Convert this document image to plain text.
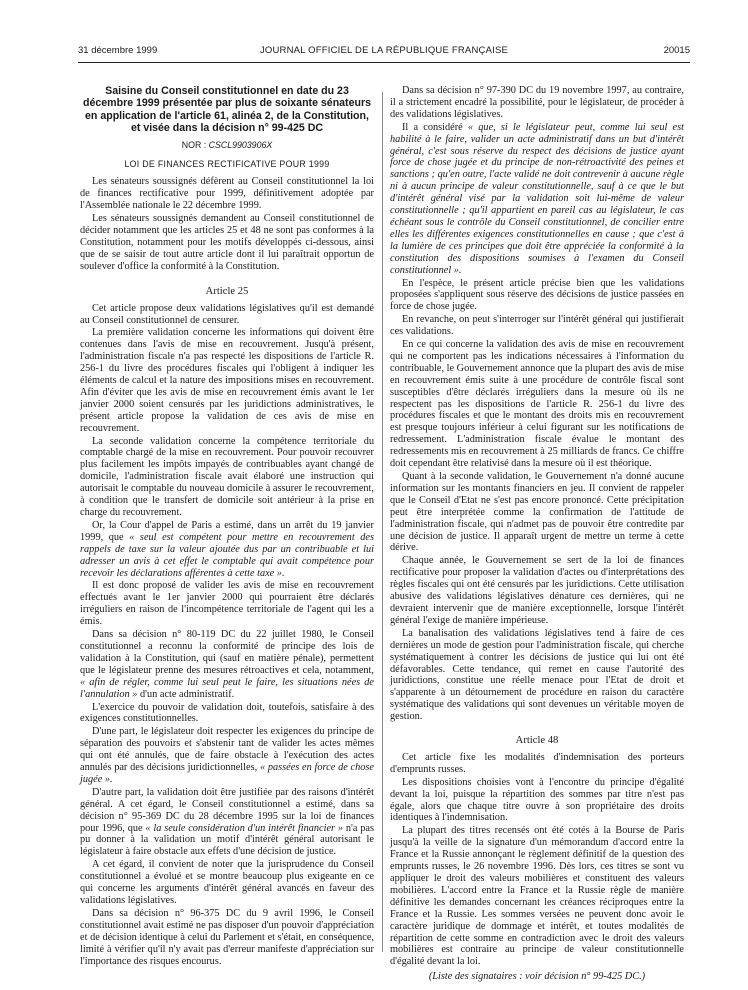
31 décembre 1999	JOURNAL OFFICIEL DE LA RÉPUBLIQUE FRANÇAISE	20015

Saisine du Conseil constitutionnel en date du 23 décembre 1999 présentée par plus de soixante sénateurs en application de l'article 61, alinéa 2, de la Constitution, et visée dans la décision n° 99-425 DC

NOR : CSCL9903906X

LOI DE FINANCES RECTIFICATIVE POUR 1999

Les sénateurs soussignés défèrent au Conseil constitutionnel la loi de finances rectificative pour 1999, définitivement adoptée par l'Assemblée nationale le 22 décembre 1999.

Les sénateurs soussignés demandent au Conseil constitutionnel de décider notamment que les articles 25 et 48 ne sont pas conformes à la Constitution, notamment pour les motifs développés ci-dessous, ainsi que de se saisir de tout autre article dont il lui paraîtrait opportun de soulever d'office la conformité à la Constitution.

Article 25

Cet article propose deux validations législatives qu'il est demandé au Conseil constitutionnel de censurer.

La première validation concerne les informations qui doivent être contenues dans l'avis de mise en recouvrement. Jusqu'à présent, l'administration fiscale n'a pas respecté les dispositions de l'article R. 256-1 du livre des procédures fiscales qui l'obligent à indiquer les éléments de calcul et la nature des impositions mises en recouvrement. Afin d'éviter que les avis de mise en recouvrement émis avant le 1er janvier 2000 soient censurés par les juridictions administratives, le présent article propose la validation de ces avis de mise en recouvrement.

La seconde validation concerne la compétence territoriale du comptable chargé de la mise en recouvrement. Pour pouvoir recouvrer plus facilement les impôts impayés de contribuables ayant changé de domicile, l'administration fiscale avait élaboré une instruction qui autorisait le comptable du nouveau domicile à assurer le recouvrement, à condition que le transfert de domicile soit antérieur à la prise en charge du recouvrement.

Or, la Cour d'appel de Paris a estimé, dans un arrêt du 19 janvier 1999, que « seul est compétent pour mettre en recouvrement des rappels de taxe sur la valeur ajoutée dus par un contribuable et lui adresser un avis à cet effet le comptable qui avait compétence pour recevoir les déclarations afférentes à cette taxe ».

Il est donc proposé de valider les avis de mise en recouvrement effectués avant le 1er janvier 2000 qui pourraient être déclarés irréguliers en raison de l'incompétence territoriale de l'agent qui les a émis.

Dans sa décision n° 80-119 DC du 22 juillet 1980, le Conseil constitutionnel a reconnu la conformité de principe des lois de validation à la Constitution, qui (sauf en matière pénale), permettent que le législateur prenne des mesures rétroactives et cela, notamment, « afin de régler, comme lui seul peut le faire, les situations nées de l'annulation » d'un acte administratif.

L'exercice du pouvoir de validation doit, toutefois, satisfaire à des exigences constitutionnelles.

D'une part, le législateur doit respecter les exigences du principe de séparation des pouvoirs et s'abstenir tant de valider les actes mêmes qui ont été annulés, que de faire obstacle à l'exécution des actes annulés par des décisions juridictionnelles, « passées en force de chose jugée ».

D'autre part, la validation doit être justifiée par des raisons d'intérêt général. A cet égard, le Conseil constitutionnel a estimé, dans sa décision n° 95-369 DC du 28 décembre 1995 sur la loi de finances pour 1996, que « la seule considération d'un intérêt financier » n'a pas pu donner à la validation un motif d'intérêt général autorisant le législateur à faire obstacle aux effets d'une décision de justice.

A cet égard, il convient de noter que la jurisprudence du Conseil constitutionnel a évolué et se montre beaucoup plus exigeante en ce qui concerne les arguments d'intérêt général avancés en faveur des validations législatives.

Dans sa décision n° 96-375 DC du 9 avril 1996, le Conseil constitutionnel avait estimé ne pas disposer d'un pouvoir d'appréciation et de décision identique à celui du Parlement et s'était, en conséquence, limité à vérifier qu'il n'y avait pas d'erreur manifeste d'appréciation sur l'importance des risques encourus.

Dans sa décision n° 97-390 DC du 19 novembre 1997, au contraire, il a strictement encadré la possibilité, pour le législateur, de procéder à des validations législatives.

Il a considéré « que, si le législateur peut, comme lui seul est habilité à le faire, valider un acte administratif dans un but d'intérêt général, c'est sous réserve du respect des décisions de justice ayant force de chose jugée et du principe de non-rétroactivité des peines et sanctions ; qu'en outre, l'acte validé ne doit contrevenir à aucune règle ni à aucun principe de valeur constitutionnelle, sauf à ce que le but d'intérêt général visé par la validation soit lui-même de valeur constitutionnelle ; qu'il appartient en pareil cas au législateur, le cas échéant sous le contrôle du Conseil constitutionnel, de concilier entre elles les différentes exigences constitutionnelles en cause ; que c'est à la lumière de ces principes que doit être appréciée la conformité à la constitution des dispositions soumises à l'examen du Conseil constitutionnel ».

En l'espèce, le présent article précise bien que les validations proposées s'appliquent sous réserve des décisions de justice passées en force de chose jugée.

En revanche, on peut s'interroger sur l'intérêt général qui justifierait ces validations.

En ce qui concerne la validation des avis de mise en recouvrement qui ne comportent pas les indications nécessaires à l'information du contribuable, le Gouvernement annonce que la plupart des avis de mise en recouvrement émis suite à une procédure de contrôle fiscal sont susceptibles d'être déclarés irréguliers dans la mesure où ils ne respectent pas les dispositions de l'article R. 256-1 du livre des procédures fiscales et que le montant des droits mis en recouvrement est presque toujours inférieur à celui figurant sur les notifications de redressement. L'administration fiscale évalue le montant des redressements mis en recouvrement à 25 milliards de francs. Ce chiffre doit cependant être relativisé dans la mesure où il est théorique.

Quant à la seconde validation, le Gouvernement n'a donné aucune information sur les montants financiers en jeu. Il convient de rappeler que le Conseil d'Etat ne s'est pas encore prononcé. Cette précipitation peut être interprétée comme la confirmation de l'attitude de l'administration fiscale, qui n'admet pas de pouvoir être contredite par une décision de justice. Il apparaît urgent de mettre un terme à cette dérive.

Chaque année, le Gouvernement se sert de la loi de finances rectificative pour proposer la validation d'actes ou d'interprétations des règles fiscales qui ont été censurés par les juridictions. Cette utilisation abusive des validations législatives dénature ces dernières, qui ne devraient intervenir que de manière exceptionnelle, lorsque l'intérêt général l'exige de manière impérieuse.

La banalisation des validations législatives tend à faire de ces dernières un mode de gestion pour l'administration fiscale, qui cherche systématiquement à contrer les décisions de justice qui lui ont été défavorables. Cette tendance, qui remet en cause l'autorité des juridictions, constitue une réelle menace pour l'Etat de droit et s'apparente à un détournement de procédure en raison du caractère systématique des validations qui sont devenues un véritable moyen de gestion.

Article 48

Cet article fixe les modalités d'indemnisation des porteurs d'emprunts russes.

Les dispositions choisies vont à l'encontre du principe d'égalité devant la loi, puisque la répartition des sommes par titre n'est pas égale, alors que chaque titre ouvre à son propriétaire des droits identiques à l'indemnisation.

La plupart des titres recensés ont été cotés à la Bourse de Paris jusqu'à la veille de la signature d'un mémorandum d'accord entre la France et la Russie annonçant le règlement définitif de la question des emprunts russes, le 26 novembre 1996. Dès lors, ces titres se sont vu appliquer le droit des valeurs mobilières et constituent des valeurs mobilières. L'accord entre la France et la Russie règle de manière définitive les demandes concernant les créances réciproques entre la France et la Russie. Les sommes versées ne peuvent donc avoir le caractère juridique de dommage et intérêt, et toutes modalités de répartition de cette somme en contradiction avec le droit des valeurs mobilières est contraire au principe de valeur constitutionnelle d'égalité devant la loi.

(Liste des signataires : voir décision n° 99-425 DC.)
